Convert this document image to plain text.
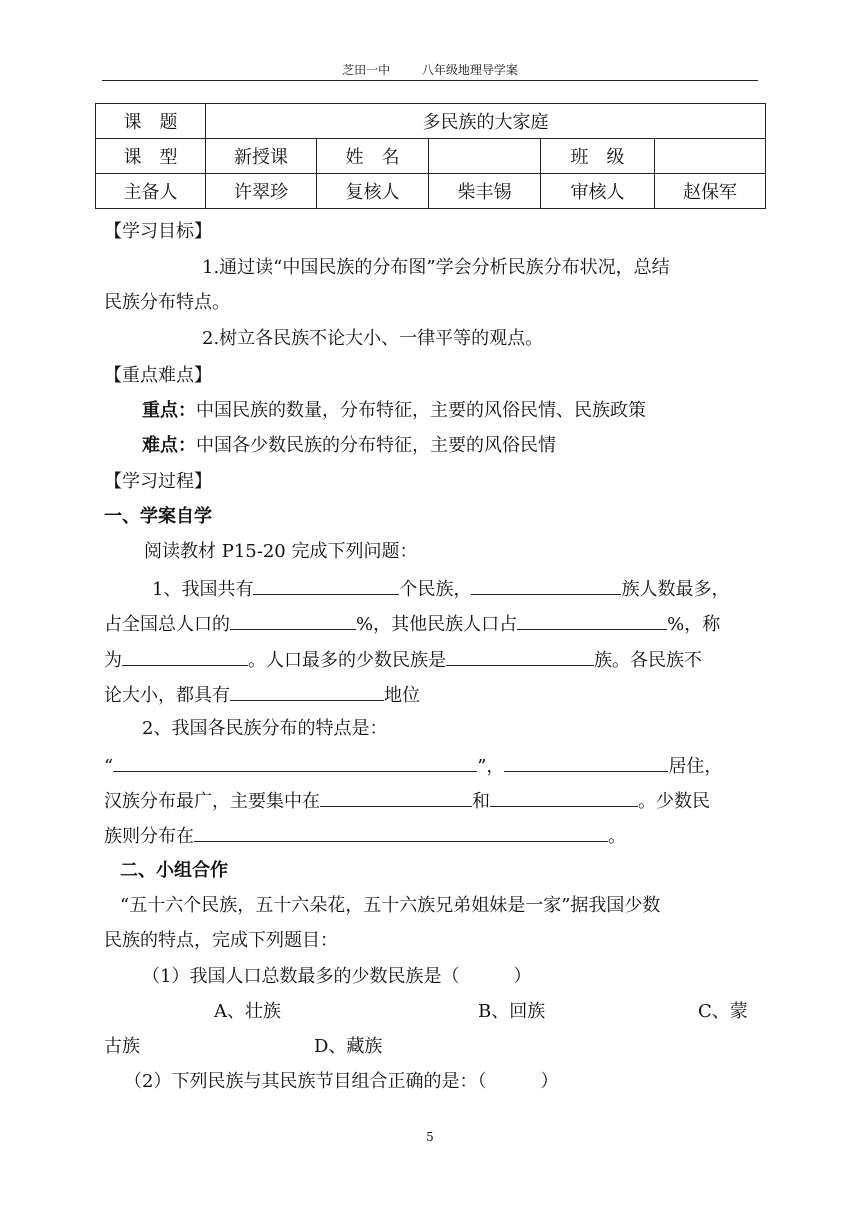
芝田一中	八年级地理导学案
课　题	多民族的大家庭				
课　型	新授课	姓　名		班　级	
主备人	许翠珍	复核人	柴丰锡	审核人	赵保军
【学习目标】
1.通过读“中国民族的分布图”学会分析民族分布状况，总结
民族分布特点。
2.树立各民族不论大小、一律平等的观点。
【重点难点】
重点：中国民族的数量，分布特征，主要的风俗民情、民族政策
难点：中国各少数民族的分布特征，主要的风俗民情
【学习过程】
一、学案自学
阅读教材 P15-20 完成下列问题：
1、我国共有	个民族，	族人数最多，
占全国总人口的	%，其他民族人口占	%，称
为	。人口最多的少数民族是	族。各民族不
论大小，都具有	地位
2、我国各民族分布的特点是：
“	”，	居住，
汉族分布最广，主要集中在	和	。少数民
族则分布在	。
二、小组合作
“五十六个民族，五十六朵花，五十六族兄弟姐妹是一家”据我国少数
民族的特点，完成下列题目：
（1）我国人口总数最多的少数民族是（　　　）
A、壮族	B、回族	C、蒙
古族	D、藏族
（2）下列民族与其民族节目组合正确的是：（　　　）
5
